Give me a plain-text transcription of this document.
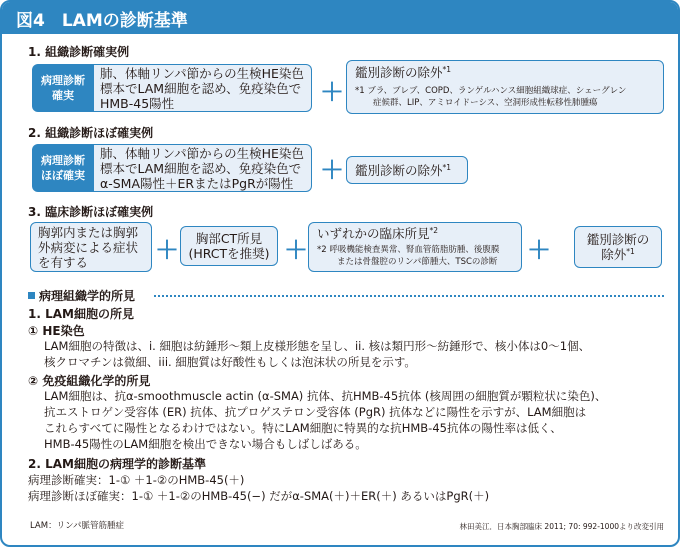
図4　LAMの診断基準
1. 組織診断確実例
病理診断
確実
肺、体軸リンパ節からの生検HE染色
標本でLAM細胞を認め、免疫染色で
HMB-45陽性	＋
鑑別診断の除外$^{*1}$
*1 ブラ、ブレブ、COPD、ランゲルハンス細胞組織球症、シェーグレン
症候群、LIP、アミロイドーシス、空洞形成性転移性肺腫瘍
2. 組織診断ほぼ確実例
病理診断
ほぼ確実
肺、体軸リンパ節からの生検HE染色
標本でLAM細胞を認め、免疫染色で
α-SMA陽性＋ERまたはPgRが陽性	＋ 鑑別診断の除外$^{*1}$
3. 臨床診断ほぼ確実例
胸郭内または胸郭
外病変による症状
を有する	＋ 胸部CT所見
(HRCTを推奨) ＋
いずれかの臨床所見$^{*2}$
*2 呼吸機能検査異常、腎血管筋脂肪腫、後腹膜
または骨盤腔のリンパ節腫大、TSCの診断	＋	鑑別診断の
除外$^{*1}$
病理組織学的所見
1. LAM細胞の所見
① HE染色
LAM細胞の特徴は、i. 細胞は紡錘形〜類上皮様形態を呈し、ii. 核は類円形〜紡錘形で、核小体は0〜1個、
核クロマチンは微細、iii. 細胞質は好酸性もしくは泡沫状の所見を示す。
② 免疫組織化学的所見
LAM細胞は、抗α-smoothmuscle actin (α-SMA) 抗体、抗HMB-45抗体 (核周囲の細胞質が顆粒状に染色)、
抗エストロゲン受容体 (ER) 抗体、抗プロゲステロン受容体 (PgR) 抗体などに陽性を示すが、LAM細胞は
これらすべてに陽性となるわけではない。特にLAM細胞に特異的な抗HMB-45抗体の陽性率は低く、
HMB-45陽性のLAM細胞を検出できない場合もしばしばある。
2. LAM細胞の病理学的診断基準
病理診断確実：1-① ＋1-②のHMB-45(＋)
病理診断ほぼ確実：1-① ＋1-②のHMB-45(−) だがα-SMA(＋)＋ER(＋) あるいはPgR(＋)
LAM：リンパ脈管筋腫症	林田美江．日本胸部臨床 2011; 70: 992-1000より改変引用
